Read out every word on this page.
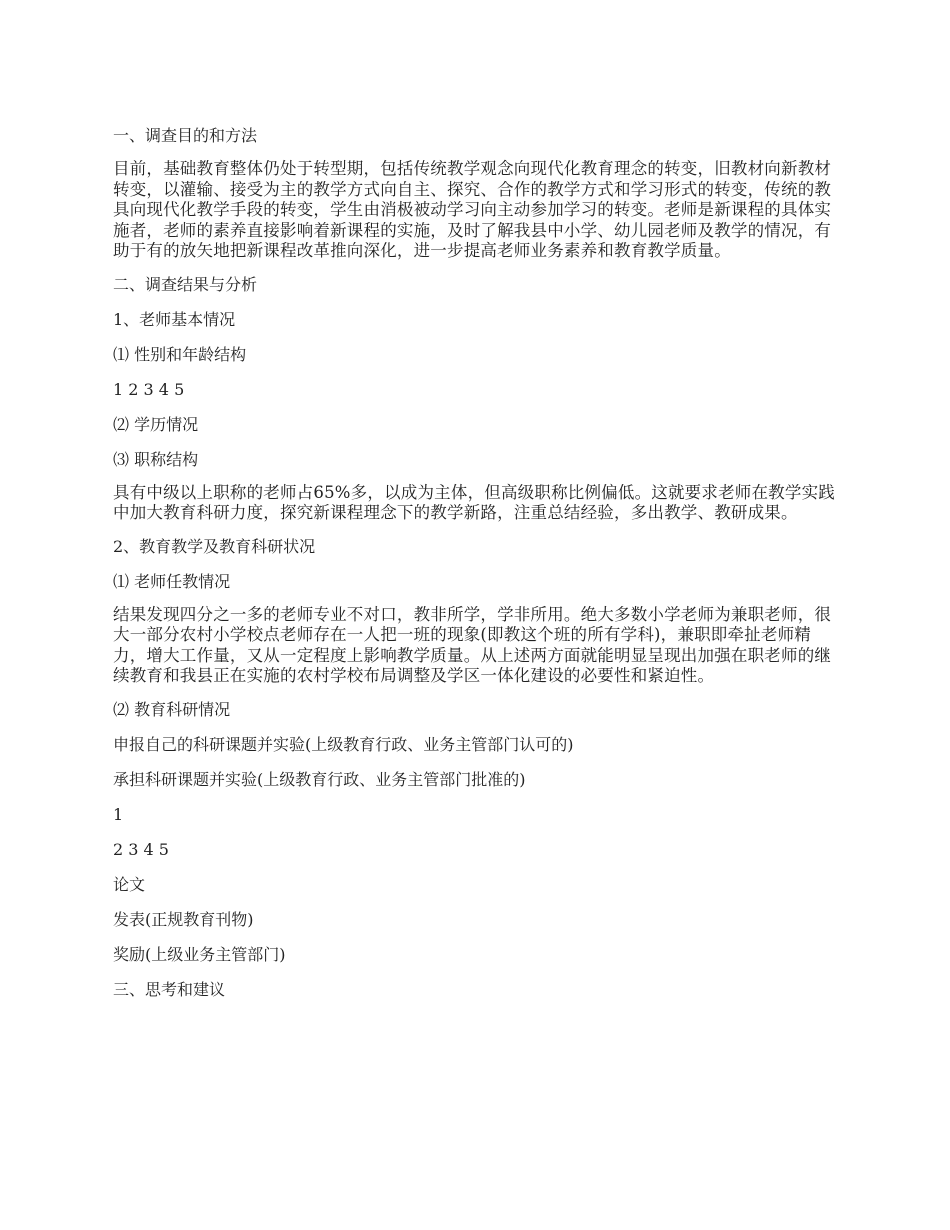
一、调查目的和方法
目前，基础教育整体仍处于转型期，包括传统教学观念向现代化教育理念的转变，旧教材向新教材转变，以灌输、接受为主的教学方式向自主、探究、合作的教学方式和学习形式的转变，传统的教具向现代化教学手段的转变，学生由消极被动学习向主动参加学习的转变。老师是新课程的具体实施者，老师的素养直接影响着新课程的实施，及时了解我县中小学、幼儿园老师及教学的情况，有助于有的放矢地把新课程改革推向深化，进一步提高老师业务素养和教育教学质量。
二、调查结果与分析
1、老师基本情况
⑴ 性别和年龄结构
1 2 3 4 5
⑵ 学历情况
⑶ 职称结构
具有中级以上职称的老师占65%多，以成为主体，但高级职称比例偏低。这就要求老师在教学实践中加大教育科研力度，探究新课程理念下的教学新路，注重总结经验，多出教学、教研成果。
2、教育教学及教育科研状况
⑴ 老师任教情况
结果发现四分之一多的老师专业不对口，教非所学，学非所用。绝大多数小学老师为兼职老师，很大一部分农村小学校点老师存在一人把一班的现象(即教这个班的所有学科)，兼职即牵扯老师精力，增大工作量，又从一定程度上影响教学质量。从上述两方面就能明显呈现出加强在职老师的继续教育和我县正在实施的农村学校布局调整及学区一体化建设的必要性和紧迫性。
⑵ 教育科研情况
申报自己的科研课题并实验(上级教育行政、业务主管部门认可的)
承担科研课题并实验(上级教育行政、业务主管部门批准的)
1
2 3 4 5
论文
发表(正规教育刊物)
奖励(上级业务主管部门)
三、思考和建议
